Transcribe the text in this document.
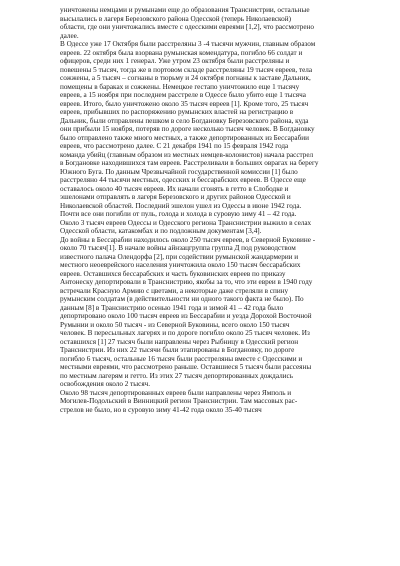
уничтожены немцами и румынами еще до образования Транснистрии, остальные
высылались в лагеря Березовского района Одесской (теперь Николаевской)
области, где они уничтожались вместе с одесскими евреями [1,2], что рассмотрено
далее.
В Одессе уже 17 Октября были расстреляны 3 -4 тысячи мужчин, главным образом
евреев. 22 октября была взорвана румынская комендатура, погибло 66 солдат и
офицеров, среди них 1 генерал. Уже утром 23 октября были расстреляны и
повешены 5 тысяч, тогда же в портовом складе расстреляны 19 тысяч евреев, тела
сожжены, а 5 тысяч – согнаны в тюрьму и 24 октября погнаны к заставе Дальник,
помещены в бараках и сожжены. Немецкое гестапо уничтожило еще 1 тысячу
евреев, а 15 ноября при последнем расстреле в Одессе было убито еще 1 тысяча
евреев. Итого, было уничтожено около 35 тысяч евреев [1]. Кроме того, 25 тысяч
евреев, прибывших по распоряжению румынских властей на регистрацию в
Дальник, были отправлены пешком в село Богдановку Березовского района, куда
они прибыли 15 ноября, потеряв по дороге несколько тысяч человек. В Богдановку
было отправлено также много местных, а также депортированных из Бессарабии
евреев, что рассмотрено далее. С 21 декабря 1941 по 15 февраля 1942 года
команда убийц (главным образом из местных немцев-колонистов) начала расстрел
в Богдановке находившихся там евреев. Расстреливали в больших оврагах на берегу
Южного Буга. По данным Чрезвычайной государственной комиссии [1] было
расстреляно 44 тысячи местных, одесских и бессарабских евреев. В Одессе еще
оставалось около 40 тысяч евреев. Их начали сгонять в гетто в Слободке и
эшелонами отправлять в лагеря Березовского и других районов Одесской и
Николаевской областей. Последний эшелон ушел из Одессы в июне 1942 года.
Почти все они погибли от пуль, голода и холода в суровую зиму 41 – 42 года.
Около 3 тысяч евреев Одессы и Одесского региона Транснистрии выжило в селах
Одесской области, катакомбах и по подложным документам [3,4].
До войны в Бессарабии находилось около 250 тысяч евреев, в Северной Буковине -
около 70 тысяч[1]. В начале войны айнзацгруппа группа Д под руководством
известного палача Олендорфа [2], при содействии румынской жандармерии и
местного неоеврейского населения уничтожила около 150 тысяч бессарабских
евреев. Оставшихся бессарабских и часть буковинских евреев по приказу
Антонеску депортировали в Транснистрию, якобы за то, что эти евреи в 1940 году
встречали Красную Армию с цветами, а некоторые даже стреляли в спину
румынским солдатам (в действительности ни одного такого факта не было). По
данным [8] в Транснистрию осенью 1941 года и зимой 41 – 42 года было
депортировано около 100 тысяч евреев из Бессарабии и уезда Дорохой Восточной
Румынии и около 50 тысяч - из Северной Буковины, всего около 150 тысяч
человек. В пересыльных лагерях и по дороге погибло около 25 тысяч человек. Из
оставшихся [1] 27 тысяч были направлены через Рыбницу в Одесский регион
Транснистрии. Из них 22 тысячи были этапированы в Богдановку, по дороге
погибло 6 тысяч, остальные 16 тысяч были расстреляны вместе с Одесскими и
местными евреями, что рассмотрено раньше. Оставшиеся 5 тысяч были рассеяны
по местным лагерям и гетто. Из этих 27 тысяч депортированных дождались
освобождения около 2 тысяч.
Около 98 тысяч депортированных евреев были направлены через Ямполь и
Могилев-Подольский в Винницкий регион Транснистрии. Там массовых рас-
стрелов не было, но в суровую зиму 41-42 года около 35-40 тысяч
